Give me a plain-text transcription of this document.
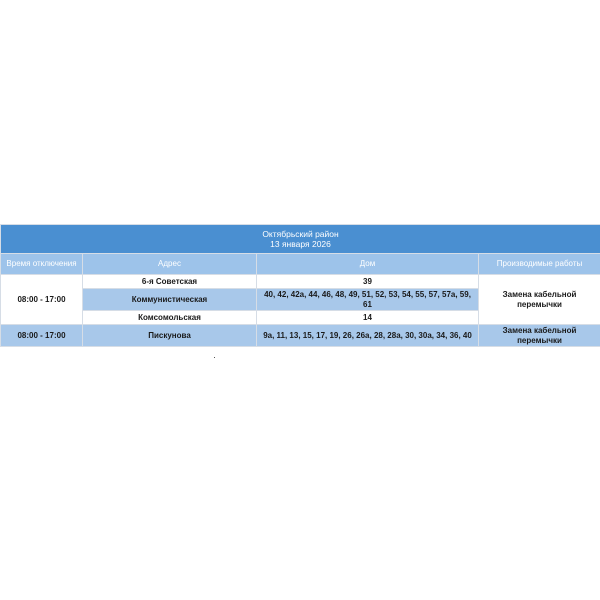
Октябрьский район
13 января 2026			

Время отключения	Адрес	Дом	Производимые работы
08:00 - 17:00	6-я Советская	39	Замена кабельной перемычки
	Коммунистическая	40, 42, 42а, 44, 46, 48, 49, 51, 52, 53, 54, 55, 57, 57а, 59, 61	
	Комсомольская	14	
08:00 - 17:00	Пискунова	9а, 11, 13, 15, 17, 19, 26, 26а, 28, 28а, 30, 30а, 34, 36, 40	Замена кабельной перемычки
